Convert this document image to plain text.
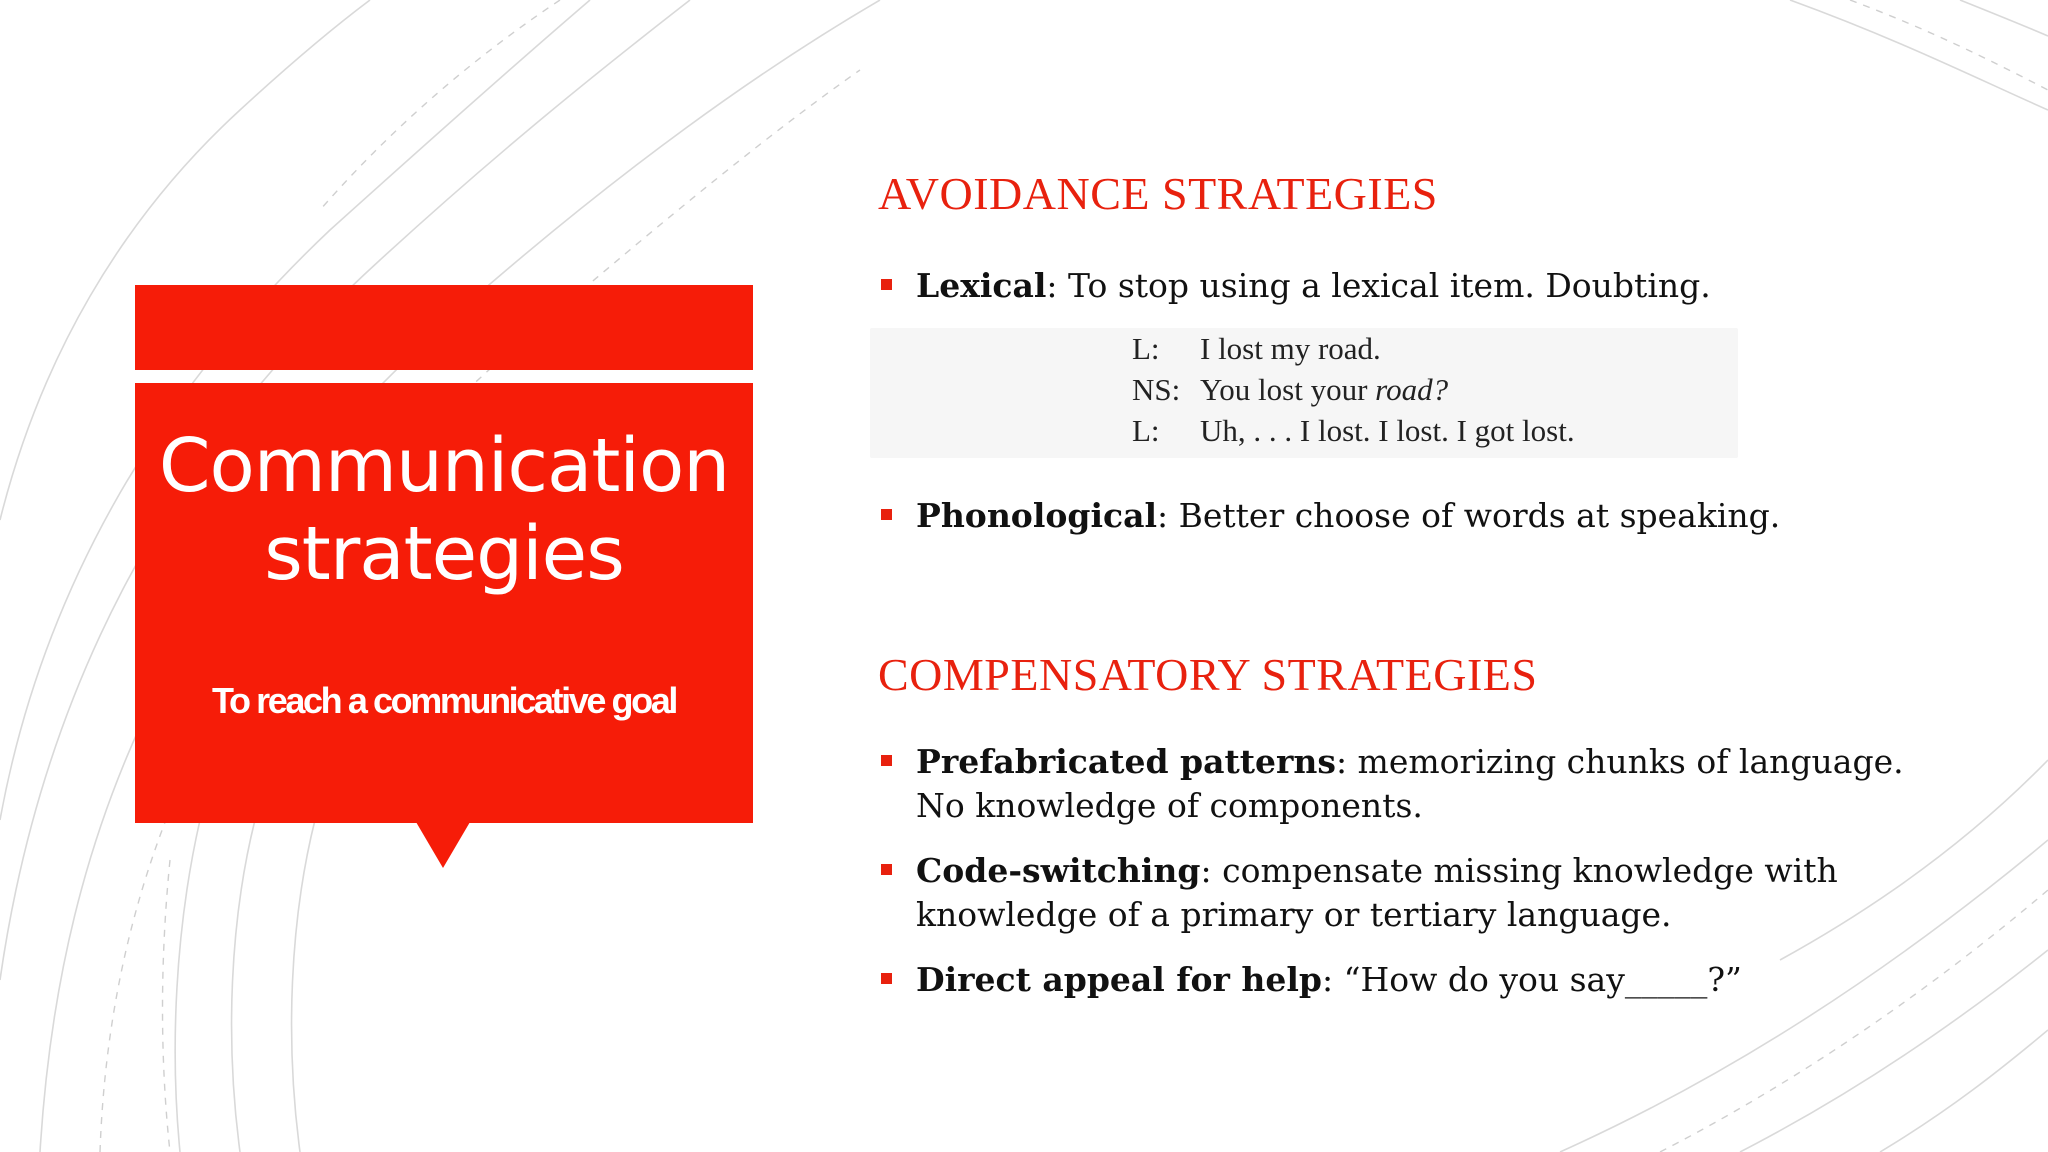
Communication
strategies
To reach a communicative goal
AVOIDANCE STRATEGIES
Lexical: To stop using a lexical item. Doubting.
L: I lost my road.
NS: You lost your road?
L: Uh, . . . I lost. I lost. I got lost.
Phonological: Better choose of words at speaking.
COMPENSATORY STRATEGIES
Prefabricated patterns: memorizing chunks of language.
No knowledge of components.
Code-switching: compensate missing knowledge with
knowledge of a primary or tertiary language.
Direct appeal for help: “How do you say_____?”
